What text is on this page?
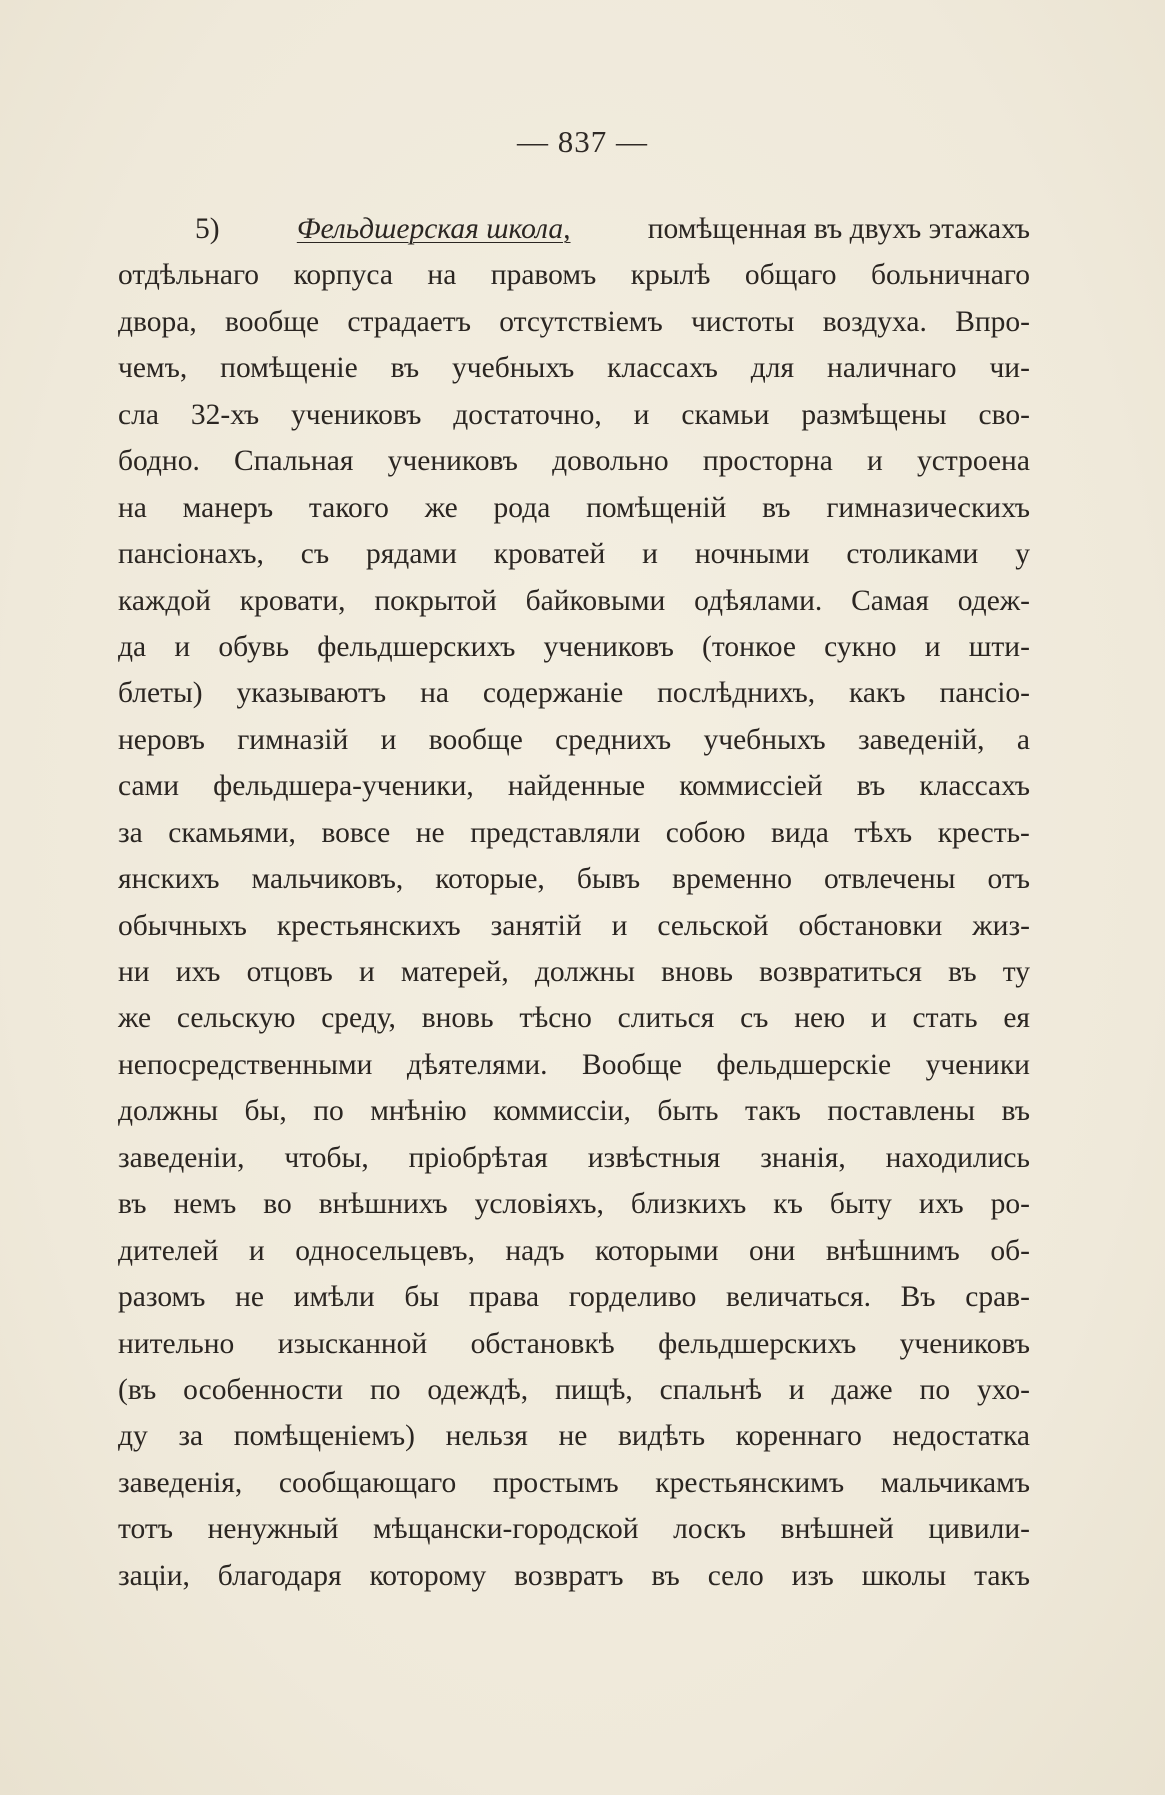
— 837 —
5)	Фельдшерская школа,	помѣщенная въ двухъ этажахъ
отдѣльнаго корпуса на правомъ крылѣ общаго больничнаго
двора, вообще страдаетъ отсутствіемъ чистоты воздуха. Впро-
чемъ, помѣщеніе въ учебныхъ классахъ для наличнаго чи-
сла 32-хъ учениковъ достаточно, и скамьи размѣщены сво-
бодно. Спальная учениковъ довольно просторна и устроена
на манеръ такого же рода помѣщеній въ гимназическихъ
пансіонахъ, съ рядами кроватей и ночными столиками у
каждой кровати, покрытой байковыми одѣялами. Самая одеж-
да и обувь фельдшерскихъ учениковъ (тонкое сукно и шти-
блеты) указываютъ на содержаніе послѣднихъ, какъ пансіо-
неровъ гимназій и вообще среднихъ учебныхъ заведеній, а
сами фельдшера-ученики, найденные коммиссіей въ классахъ
за скамьями, вовсе не представляли собою вида тѣхъ кресть-
янскихъ мальчиковъ, которые, бывъ временно отвлечены отъ
обычныхъ крестьянскихъ занятій и сельской обстановки жиз-
ни ихъ отцовъ и матерей, должны вновь возвратиться въ ту
же сельскую среду, вновь тѣсно слиться съ нею и стать ея
непосредственными дѣятелями. Вообще фельдшерскіе ученики
должны бы, по мнѣнію коммиссіи, быть такъ поставлены въ
заведеніи, чтобы, пріобрѣтая извѣстныя знанія, находились
въ немъ во внѣшнихъ условіяхъ, близкихъ къ быту ихъ ро-
дителей и односельцевъ, надъ которыми они внѣшнимъ об-
разомъ не имѣли бы права горделиво величаться. Въ срав-
нительно изысканной обстановкѣ фельдшерскихъ учениковъ
(въ особенности по одеждѣ, пищѣ, спальнѣ и даже по ухо-
ду за помѣщеніемъ) нельзя не видѣть кореннаго недостатка
заведенія, сообщающаго простымъ крестьянскимъ мальчикамъ
тотъ ненужный мѣщански-городской лоскъ внѣшней цивили-
заціи, благодаря которому возвратъ въ село изъ школы такъ
